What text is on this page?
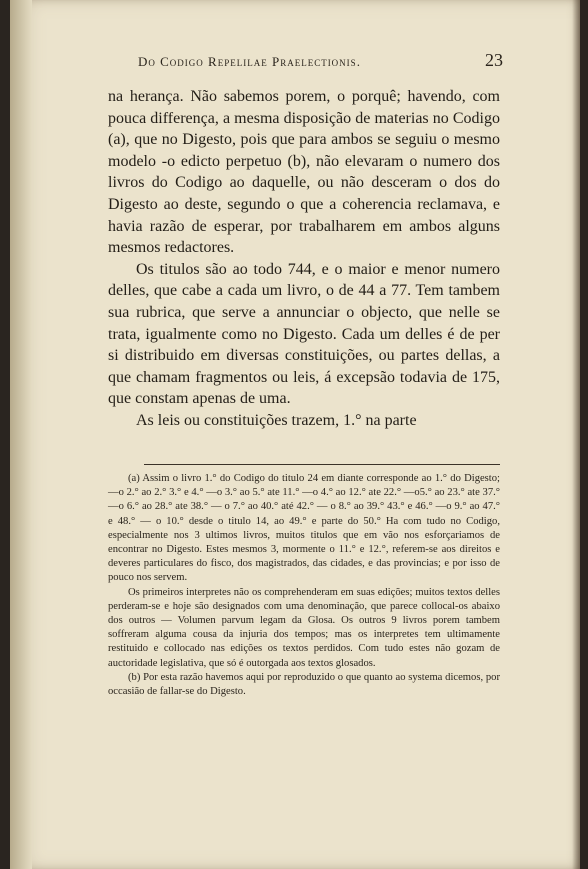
Do Codigo Repelilae Praelectionis.	23

na herança. Não sabemos porem, o porquê; havendo, com pouca differença, a mesma disposição de materias no Codigo (a), que no Digesto, pois que para ambos se seguiu o mesmo modelo -o edicto perpetuo (b), não elevaram o numero dos livros do Codigo ao daquelle, ou não desceram o dos do Digesto ao deste, segundo o que a coherencia reclamava, e havia razão de esperar, por trabalharem em ambos alguns mesmos redactores.

Os titulos são ao todo 744, e o maior e menor numero delles, que cabe a cada um livro, o de 44 a 77. Tem tambem sua rubrica, que serve a annunciar o objecto, que nelle se trata, igualmente como no Digesto. Cada um delles é de per si distribuido em diversas constituições, ou partes dellas, a que chamam fragmentos ou leis, á excepsão todavia de 175, que constam apenas de uma.

As leis ou constituições trazem, 1.° na parte

(a) Assim o livro 1.° do Codigo do titulo 24 em diante corresponde ao 1.° do Digesto; —o 2.° ao 2.° 3.° e 4.° —o 3.° ao 5.° ate 11.° —o 4.° ao 12.° ate 22.° —o5.° ao 23.° ate 37.° —o 6.° ao 28.° ate 38.° — o 7.° ao 40.° até 42.° — o 8.° ao 39.° 43.° e 46.° —o 9.° ao 47.° e 48.° — o 10.° desde o titulo 14, ao 49.° e parte do 50.° Ha com tudo no Codigo, especialmente nos 3 ultimos livros, muitos titulos que em vão nos esforçariamos de encontrar no Digesto. Estes mesmos 3, mormente o 11.° e 12.°, referem-se aos direitos e deveres particulares do fisco, dos magistrados, das cidades, e das provincias; e por isso de pouco nos servem.

Os primeiros interpretes não os comprehenderam em suas edições; muitos textos delles perderam-se e hoje são designados com uma denominação, que parece collocal-os abaixo dos outros — Volumen parvum legam da Glosa. Os outros 9 livros porem tambem soffreram alguma cousa da injuria dos tempos; mas os interpretes tem ultimamente restituido e collocado nas edições os textos perdidos. Com tudo estes não gozam de auctoridade legislativa, que só é outorgada aos textos glosados.

(b) Por esta razão havemos aqui por reproduzido o que quanto ao systema dicemos, por occasião de fallar-se do Digesto.
